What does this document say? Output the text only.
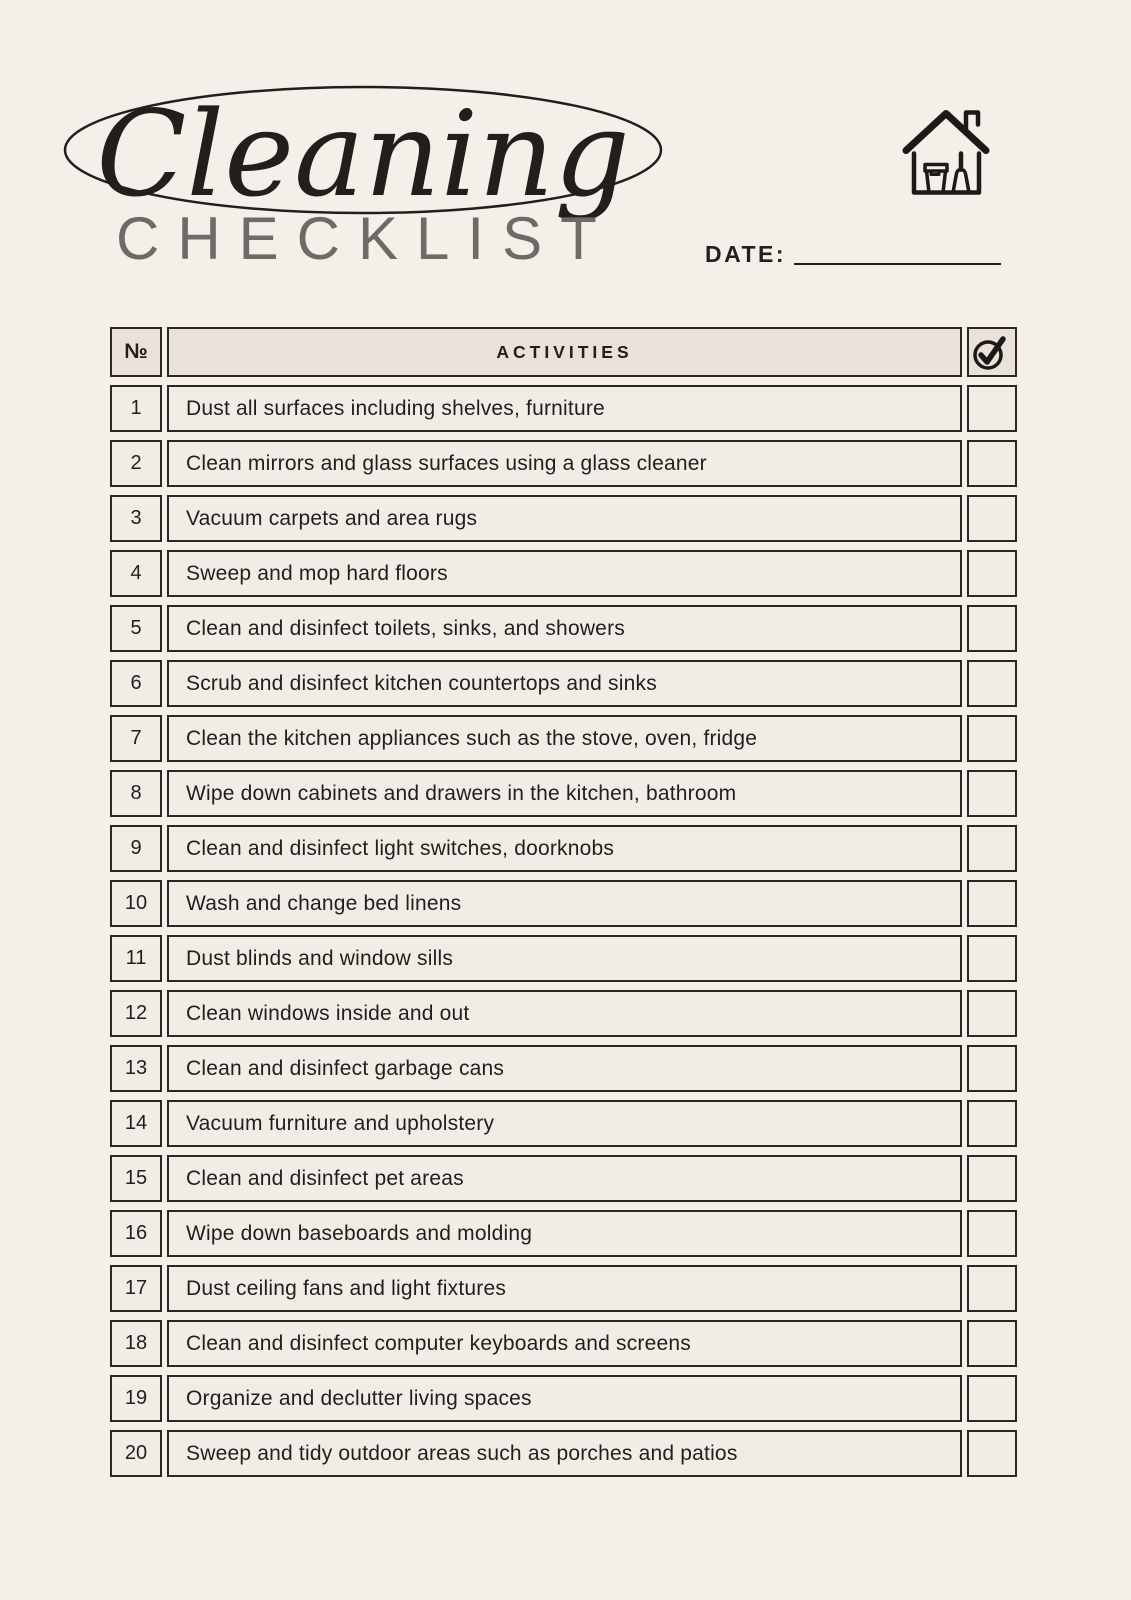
Cleaning
CHECKLIST	DATE:
№	ACTIVITIES
1	Dust all surfaces including shelves, furniture
2	Clean mirrors and glass surfaces using a glass cleaner
3	Vacuum carpets and area rugs
4	Sweep and mop hard floors
5	Clean and disinfect toilets, sinks, and showers
6	Scrub and disinfect kitchen countertops and sinks
7	Clean the kitchen appliances such as the stove, oven, fridge
8	Wipe down cabinets and drawers in the kitchen, bathroom
9	Clean and disinfect light switches, doorknobs
10	Wash and change bed linens
11	Dust blinds and window sills
12	Clean windows inside and out
13	Clean and disinfect garbage cans
14	Vacuum furniture and upholstery
15	Clean and disinfect pet areas
16	Wipe down baseboards and molding
17	Dust ceiling fans and light fixtures
18	Clean and disinfect computer keyboards and screens
19	Organize and declutter living spaces
20	Sweep and tidy outdoor areas such as porches and patios
